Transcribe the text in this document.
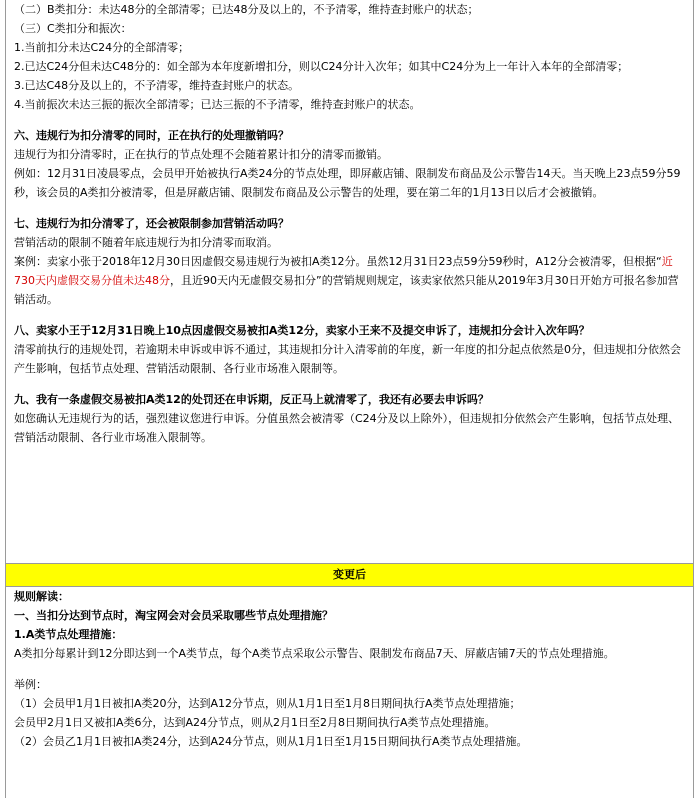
（二）B类扣分：未达48分的全部清零；已达48分及以上的，不予清零，维持查封账户的状态；
（三）C类扣分和振次：
1.当前扣分未达C24分的全部清零；
2.已达C24分但未达C48分的：如全部为本年度新增扣分，则以C24分计入次年；如其中C24分为上一年计入本年的全部清零；
3.已达C48分及以上的，不予清零，维持查封账户的状态。
4.当前振次未达三振的振次全部清零；已达三振的不予清零，维持查封账户的状态。
六、违规行为扣分清零的同时，正在执行的处理撤销吗？
违规行为扣分清零时，正在执行的节点处理不会随着累计扣分的清零而撤销。
例如：12月31日凌晨零点，会员甲开始被执行A类24分的节点处理，即屏蔽店铺、限制发布商品及公示警告14天。当天晚上23点59分59秒，该会员的A类扣分被清零，但是屏蔽店铺、限制发布商品及公示警告的处理，要在第二年的1月13日以后才会被撤销。
七、违规行为扣分清零了，还会被限制参加营销活动吗？
营销活动的限制不随着年底违规行为扣分清零而取消。
案例：卖家小张于2018年12月30日因虚假交易违规行为被扣A类12分。虽然12月31日23点59分59秒时，A12分会被清零，但根据“近730天内虚假交易分值未达48分，且近90天内无虚假交易扣分”的营销规则规定，该卖家依然只能从2019年3月30日开始方可报名参加营销活动。
八、卖家小王于12月31日晚上10点因虚假交易被扣A类12分，卖家小王来不及提交申诉了，违规扣分会计入次年吗？
清零前执行的违规处罚，若逾期未申诉或申诉不通过，其违规扣分计入清零前的年度，新一年度的扣分起点依然是0分，但违规扣分依然会产生影响，包括节点处理、营销活动限制、各行业市场准入限制等。
九、我有一条虚假交易被扣A类12的处罚还在申诉期，反正马上就清零了，我还有必要去申诉吗？
如您确认无违规行为的话，强烈建议您进行申诉。分值虽然会被清零（C24分及以上除外），但违规扣分依然会产生影响，包括节点处理、营销活动限制、各行业市场准入限制等。
变更后
规则解读：
一、当扣分达到节点时，淘宝网会对会员采取哪些节点处理措施？
1.A类节点处理措施：
A类扣分每累计到12分即达到一个A类节点，每个A类节点采取公示警告、限制发布商品7天、屏蔽店铺7天的节点处理措施。
举例：
（1）会员甲1月1日被扣A类20分，达到A12分节点，则从1月1日至1月8日期间执行A类节点处理措施；
会员甲2月1日又被扣A类6分，达到A24分节点，则从2月1日至2月8日期间执行A类节点处理措施。
（2）会员乙1月1日被扣A类24分，达到A24分节点，则从1月1日至1月15日期间执行A类节点处理措施。
